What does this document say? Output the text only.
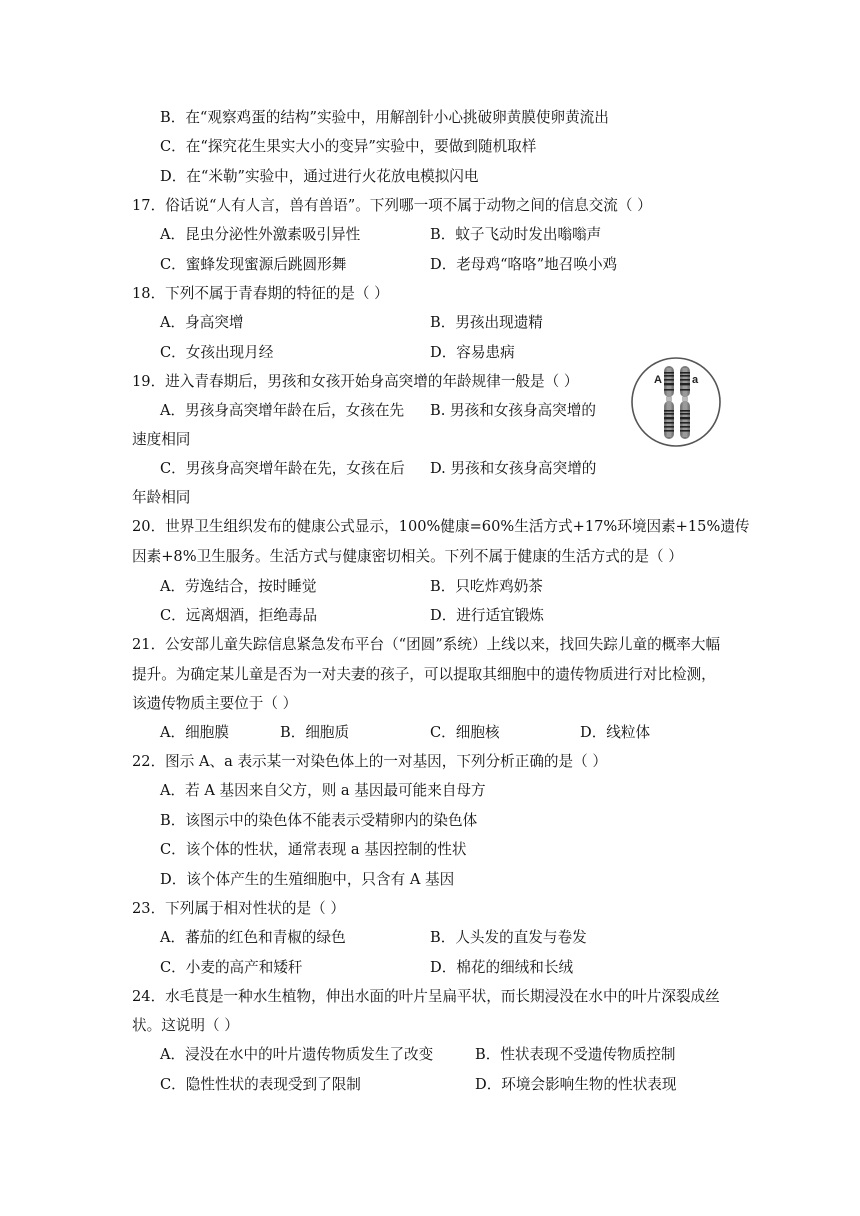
B．在“观察鸡蛋的结构”实验中，用解剖针小心挑破卵黄膜使卵黄流出
C．在“探究花生果实大小的变异”实验中，要做到随机取样
D．在“米勒”实验中，通过进行火花放电模拟闪电
17．俗话说“人有人言，兽有兽语”。下列哪一项不属于动物之间的信息交流（ ）
A．昆虫分泌性外激素吸引异性	B．蚊子飞动时发出嗡嗡声
C．蜜蜂发现蜜源后跳圆形舞	D．老母鸡“咯咯”地召唤小鸡
18．下列不属于青春期的特征的是（ ）
A．身高突增	B．男孩出现遗精
C．女孩出现月经	D．容易患病
19．进入青春期后，男孩和女孩开始身高突增的年龄规律一般是（ ）
A．男孩身高突增年龄在后，女孩在先 B. 男孩和女孩身高突增的
速度相同
C．男孩身高突增年龄在先，女孩在后 D. 男孩和女孩身高突增的
年龄相同
A	a
20．世界卫生组织发布的健康公式显示，100%健康=60%生活方式+17%环境因素+15%遗传
因素+8%卫生服务。生活方式与健康密切相关。下列不属于健康的生活方式的是（ ）
A．劳逸结合，按时睡觉	B．只吃炸鸡奶茶
C．远离烟酒，拒绝毒品	D．进行适宜锻炼
21．公安部儿童失踪信息紧急发布平台（“团圆”系统）上线以来，找回失踪儿童的概率大幅
提升。为确定某儿童是否为一对夫妻的孩子，可以提取其细胞中的遗传物质进行对比检测，
该遗传物质主要位于（ ）
A．细胞膜	B．细胞质	C．细胞核	D．线粒体
22．图示 A、a 表示某一对染色体上的一对基因，下列分析正确的是（ ）
A．若 A 基因来自父方，则 a 基因最可能来自母方
B．该图示中的染色体不能表示受精卵内的染色体
C．该个体的性状，通常表现 a 基因控制的性状
D．该个体产生的生殖细胞中，只含有 A 基因
23．下列属于相对性状的是（ ）
A．蕃茄的红色和青椒的绿色	B．人头发的直发与卷发
C．小麦的高产和矮秆	D．棉花的细绒和长绒
24．水毛茛是一种水生植物，伸出水面的叶片呈扁平状，而长期浸没在水中的叶片深裂成丝
状。这说明（ ）
A．浸没在水中的叶片遗传物质发生了改变	B．性状表现不受遗传物质控制
C．隐性性状的表现受到了限制	D．环境会影响生物的性状表现
